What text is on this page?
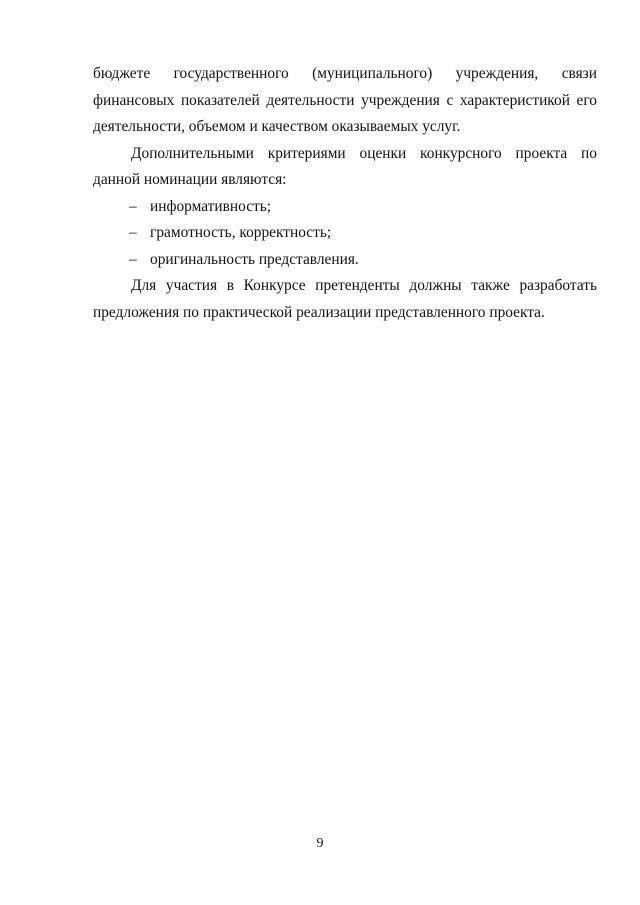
бюджете государственного (муниципального) учреждения, связи финансовых показателей деятельности учреждения с характеристикой его деятельности, объемом и качеством оказываемых услуг.

Дополнительными критериями оценки конкурсного проекта по данной номинации являются:

– информативность;
– грамотность, корректность;
– оригинальность представления.

Для участия в Конкурсе претенденты должны также разработать предложения по практической реализации представленного проекта.

9
